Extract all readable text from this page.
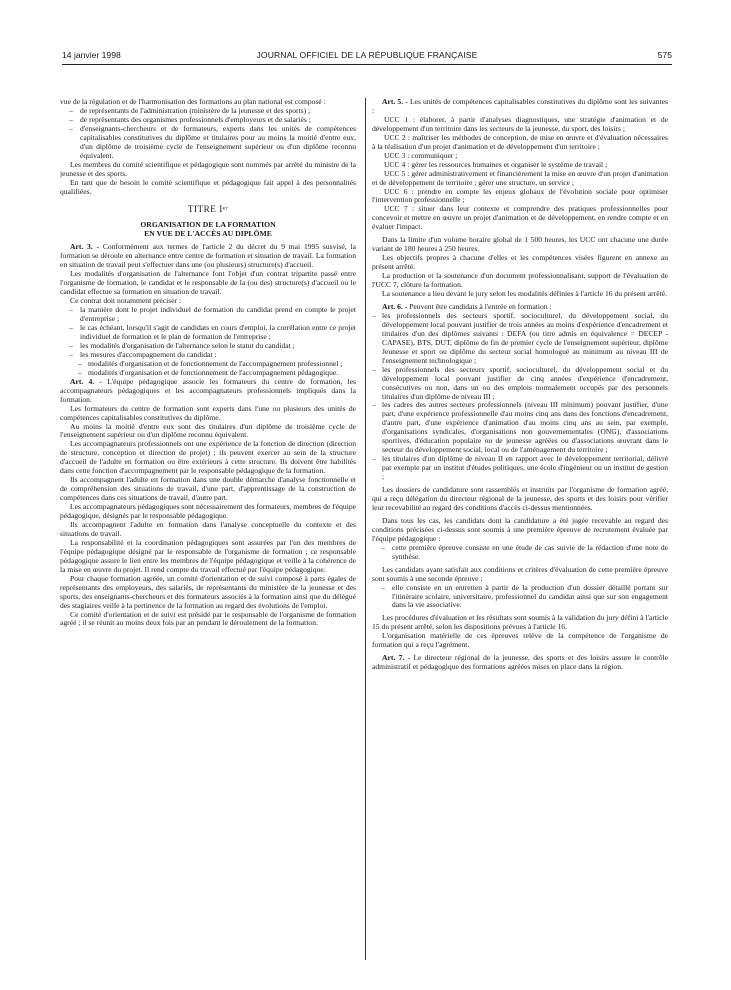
14 janvier 1998	JOURNAL OFFICIEL DE LA RÉPUBLIQUE FRANÇAISE	575

vue de la régulation et de l'harmonisation des formations au plan national est composé :

– de représentants de l'administration (ministère de la jeunesse et des sports) ;

– de représentants des organismes professionnels d'employeurs et de salariés ;

– d'enseignants-chercheurs et de formateurs, experts dans les unités de compétences capitalisables constitutives du diplôme et titulaires pour au moins la moitié d'entre eux, d'un diplôme de troisième cycle de l'enseignement supérieur ou d'un diplôme reconnu équivalent.

Les membres du comité scientifique et pédagogique sont nommés par arrêté du ministre de la jeunesse et des sports.

En tant que de besoin le comité scientifique et pédagogique fait appel à des personnalités qualifiées.

TITRE Iᵉʳ

ORGANISATION DE LA FORMATION

EN VUE DE L'ACCÈS AU DIPLÔME

Art. 3. - Conformément aux termes de l'article 2 du décret du 9 mai 1995 susvisé, la formation se déroule en alternance entre centre de formation et situation de travail. La formation en situation de travail peut s'effectuer dans une (ou plusieurs) structure(s) d'accueil.

Les modalités d'organisation de l'alternance font l'objet d'un contrat tripartite passé entre l'organisme de formation, le candidat et le responsable de la (ou des) structure(s) d'accueil ou le candidat effectue sa formation en situation de travail.

Ce contrat doit notamment préciser :

– la manière dont le projet individuel de formation du candidat prend en compte le projet d'entreprise ;

– le cas échéant, lorsqu'il s'agit de candidats en cours d'emploi, la corrélation entre ce projet individuel de formation et le plan de formation de l'entreprise ;

– les modalités d'organisation de l'alternance selon le statut du candidat ;

– les mesures d'accompagnement du candidat :

– modalités d'organisation et de fonctionnement de l'accompagnement professionnel ;

– modalités d'organisation et de fonctionnement de l'accompagnement pédagogique.

Art. 4. - L'équipe pédagogique associe les formateurs du centre de formation, les accompagnateurs pédagogiques et les accompagnateurs professionnels impliqués dans la formation.

Les formateurs du centre de formation sont experts dans l'une ou plusieurs des unités de compétences capitalisables constitutives du diplôme.

Au moins la moitié d'entre eux sont des titulaires d'un diplôme de troisième cycle de l'enseignement supérieur ou d'un diplôme reconnu équivalent.

Les accompagnateurs professionnels ont une expérience de la fonction de direction (direction de structure, conception et direction de projet) ; ils peuvent exercer au sein de la structure d'accueil de l'adulte en formation ou être extérieurs à cette structure. Ils doivent être habilités dans cette fonction d'accompagnement par le responsable pédagogique de la formation.

Ils accompagnent l'adulte en formation dans une double démarche d'analyse fonctionnelle et de compréhension des situations de travail, d'une part, d'apprentissage de la construction de compétences dans ces situations de travail, d'autre part.

Les accompagnateurs pédagogiques sont nécessairement des formateurs, membres de l'équipe pédagogique, désignés par le responsable pédagogique.

Ils accompagnent l'adulte en formation dans l'analyse conceptuelle du contexte et des situations de travail.

La responsabilité et la coordination pédagogiques sont assurées par l'un des membres de l'équipe pédagogique désigné par le responsable de l'organisme de formation ; ce responsable pédagogique assure le lien entre les membres de l'équipe pédagogique et veille à la cohérence de la mise en œuvre du projet. Il rend compte du travail effectué par l'équipe pédagogique.

Pour chaque formation agréée, un comité d'orientation et de suivi composé à parts égales de représentants des employeurs, des salariés, de représentants du ministère de la jeunesse et des sports, des enseignants-chercheurs et des formateurs associés à la formation ainsi que du délégué des stagiaires veille à la pertinence de la formation au regard des évolutions de l'emploi.

Ce comité d'orientation et de suivi est présidé par le responsable de l'organisme de formation agréé ; il se réunit au moins deux fois par an pendant le déroulement de la formation.

Art. 5. - Les unités de compétences capitalisables constitutives du diplôme sont les suivantes :

UCC 1 : élaborer, à partir d'analyses diagnostiques, une stratégie d'animation et de développement d'un territoire dans les secteurs de la jeunesse, du sport, des loisirs ;

UCC 2 : maîtriser les méthodes de conception, de mise en œuvre et d'évaluation nécessaires à la réalisation d'un projet d'animation et de développement d'un territoire ;

UCC 3 : communiquer ;

UCC 4 : gérer les ressources humaines et organiser le système de travail ;

UCC 5 : gérer administrativement et financièrement la mise en œuvre d'un projet d'animation et de développement de territoire ; gérer une structure, un service ;

UCC 6 : prendre en compte les enjeux globaux de l'évolution sociale pour optimiser l'intervention professionnelle ;

UCC 7 : situer dans leur contexte et comprendre des pratiques professionnelles pour concevoir et mettre en œuvre un projet d'animation et de développement, en rendre compte et en évaluer l'impact.

Dans la limite d'un volume horaire global de 1 500 heures, les UCC ont chacune une durée variant de 180 heures à 250 heures.

Les objectifs propres à chacune d'elles et les compétences visées figurent en annexe au présent arrêté.

La production et la soutenance d'un document professionnalisant, support de l'évaluation de l'UCC 7, clôture la formation.

La soutenance a lieu devant le jury selon les modalités définies à l'article 16 du présent arrêté.

Art. 6. - Peuvent être candidats à l'entrée en formation :

– les professionnels des secteurs sportif, socioculturel, du développement social, du développement local pouvant justifier de trois années au moins d'expérience d'encadrement et titulaires d'un des diplômes suivants : DEFA (ou titre admis en équivalence = DECEP - CAPASE), BTS, DUT, diplôme de fin de premier cycle de l'enseignement supérieur, diplôme Jeunesse et sport ou diplôme du secteur social homologué au minimum au niveau III de l'enseignement technologique ;

– les professionnels des secteurs sportif, socioculturel, du développement social et du développement local pouvant justifier de cinq années d'expérience d'encadrement, consécutives ou non, dans un ou des emplois normalement occupés par des personnels titulaires d'un diplôme de niveau III ;

– les cadres des autres secteurs professionnels (niveau III minimum) pouvant justifier, d'une part, d'une expérience professionnelle d'au moins cinq ans dans des fonctions d'encadrement, d'autre part, d'une expérience d'animation d'au moins cinq ans au sein, par exemple, d'organisations syndicales, d'organisations non gouvernementales (ONG), d'associations sportives, d'éducation populaire ou de jeunesse agréées ou d'associations œuvrant dans le secteur du développement social, local ou de l'aménagement du territoire ;

– les titulaires d'un diplôme de niveau II en rapport avec le développement territorial, délivré par exemple par un institut d'études politiques, une école d'ingénieur ou un institut de gestion ;

Les dossiers de candidature sont rassemblés et instruits par l'organisme de formation agréé, qui a reçu délégation du directeur régional de la jeunesse, des sports et des loisirs pour vérifier leur recevabilité au regard des conditions d'accès ci-dessus mentionnées.

Dans tous les cas, les candidats dont la candidature a été jugée recevable au regard des conditions précisées ci-dessus sont soumis à une première épreuve de recrutement évaluée par l'équipe pédagogique :

– cette première épreuve consiste en une étude de cas suivie de la rédaction d'une note de synthèse.

Les candidats ayant satisfait aux conditions et critères d'évaluation de cette première épreuve sont soumis à une seconde épreuve :

– elle consiste en un entretien à partir de la production d'un dossier détaillé portant sur l'itinéraire scolaire, universitaire, professionnel du candidat ainsi que sur son engagement dans la vie associative.

Les procédures d'évaluation et les résultats sont soumis à la validation du jury défini à l'article 15 du présent arrêté, selon les dispositions prévues à l'article 16.

L'organisation matérielle de ces épreuves relève de la compétence de l'organisme de formation qui a reçu l'agrément.

Art. 7. - Le directeur régional de la jeunesse, des sports et des loisirs assure le contrôle administratif et pédagogique des formations agréées mises en place dans la région.
